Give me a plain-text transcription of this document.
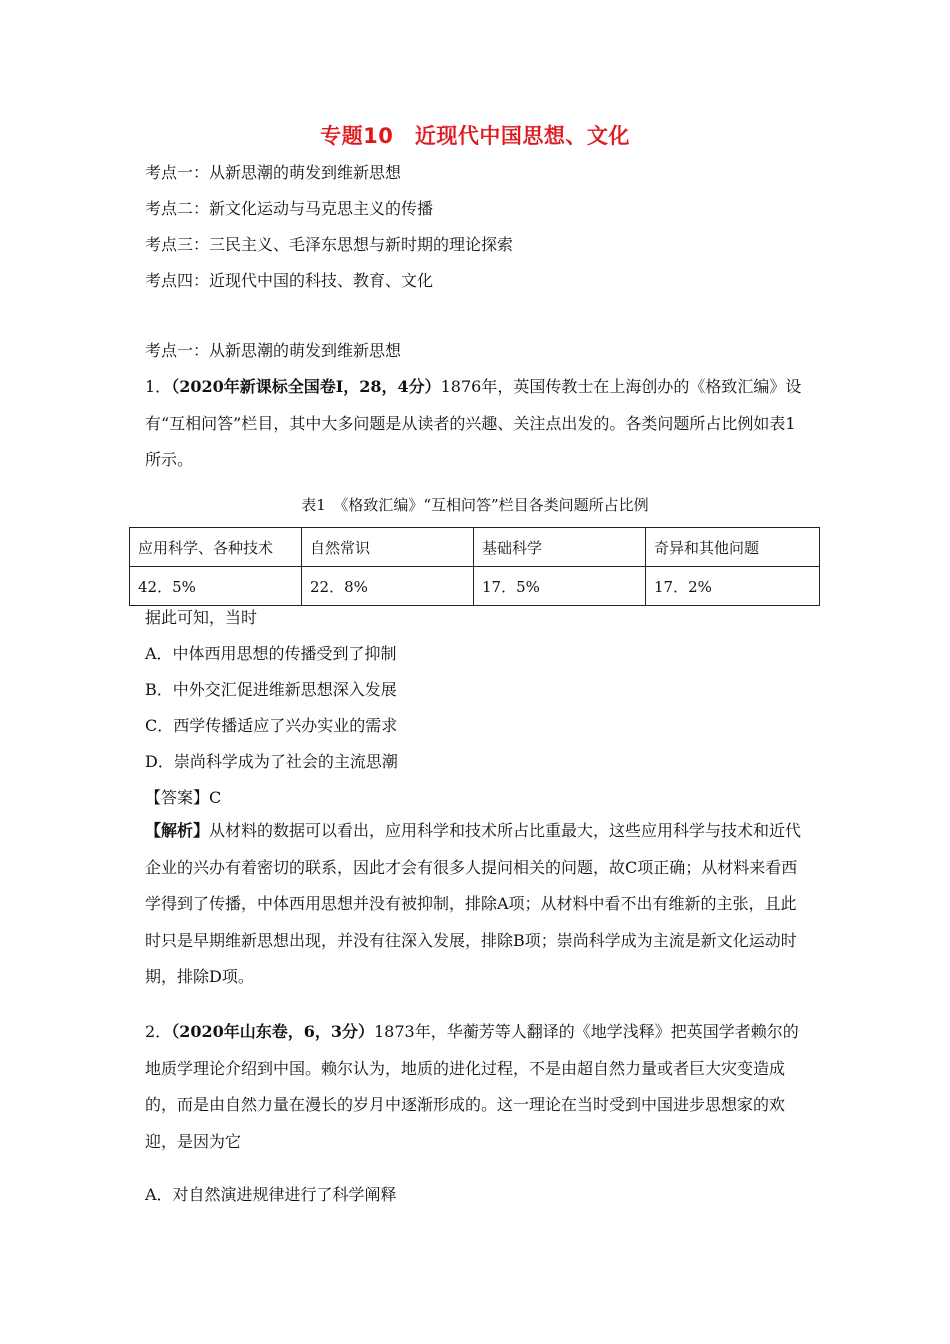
专题10　近现代中国思想、文化
考点一：从新思潮的萌发到维新思想
考点二：新文化运动与马克思主义的传播
考点三：三民主义、毛泽东思想与新时期的理论探索
考点四：近现代中国的科技、教育、文化
考点一：从新思潮的萌发到维新思想
1．（2020年新课标全国卷Ⅰ，28，4分）1876年，英国传教士在上海创办的《格致汇编》设有“互相问答”栏目，其中大多问题是从读者的兴趣、关注点出发的。各类问题所占比例如表1所示。
表1　《格致汇编》“互相问答”栏目各类问题所占比例
应用科学、各种技术	自然常识	基础科学	奇异和其他问题
42．5%	22．8%	17．5%	17．2%
据此可知，当时
A．中体西用思想的传播受到了抑制
B．中外交汇促进维新思想深入发展
C．西学传播适应了兴办实业的需求
D．崇尚科学成为了社会的主流思潮
【答案】C
【解析】从材料的数据可以看出，应用科学和技术所占比重最大，这些应用科学与技术和近代企业的兴办有着密切的联系，因此才会有很多人提问相关的问题，故C项正确；从材料来看西学得到了传播，中体西用思想并没有被抑制，排除A项；从材料中看不出有维新的主张，且此时只是早期维新思想出现，并没有往深入发展，排除B项；崇尚科学成为主流是新文化运动时期，排除D项。
2．（2020年山东卷，6，3分）1873年，华蘅芳等人翻译的《地学浅释》把英国学者赖尔的地质学理论介绍到中国。赖尔认为，地质的进化过程，不是由超自然力量或者巨大灾变造成的，而是由自然力量在漫长的岁月中逐渐形成的。这一理论在当时受到中国进步思想家的欢迎，是因为它
A．对自然演进规律进行了科学阐释
